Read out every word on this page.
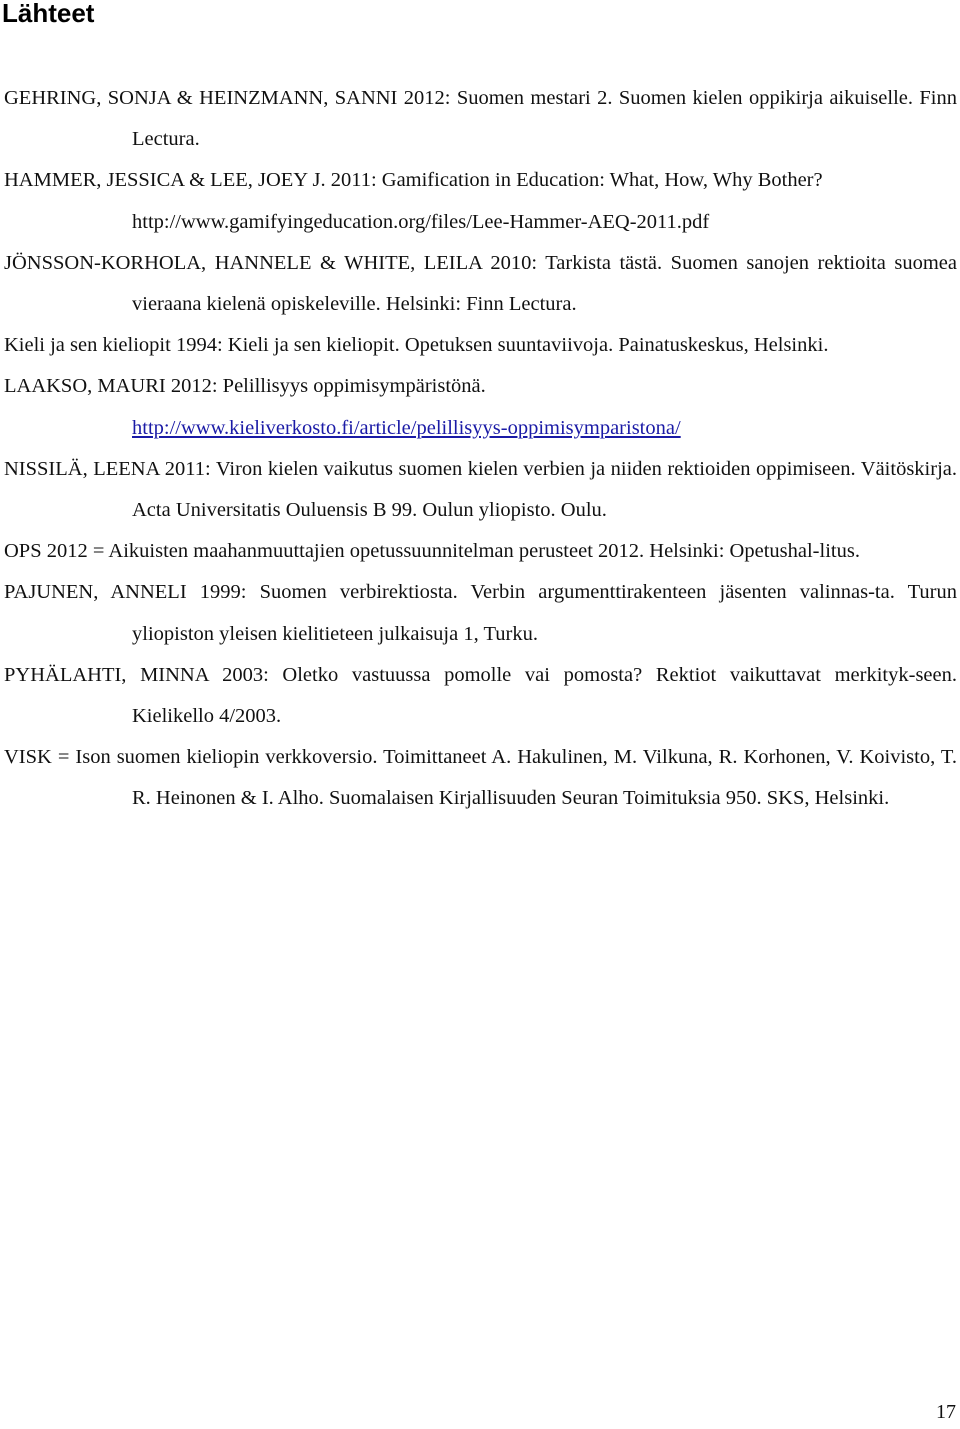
Lähteet

GEHRING, SONJA & HEINZMANN, SANNI 2012: Suomen mestari 2. Suomen kielen oppikirja aikuiselle. Finn Lectura.

HAMMER, JESSICA & LEE, JOEY J. 2011: Gamification in Education: What, How, Why Bother?
http://www.gamifyingeducation.org/files/Lee-Hammer-AEQ-2011.pdf

JÖNSSON-KORHOLA, HANNELE & WHITE, LEILA 2010: Tarkista tästä. Suomen sanojen rektioita suomea vieraana kielenä opiskeleville. Helsinki: Finn Lectura.

Kieli ja sen kieliopit 1994: Kieli ja sen kieliopit. Opetuksen suuntaviivoja. Painatuskeskus, Helsinki.

LAAKSO, MAURI 2012: Pelillisyys oppimisympäristönä.
http://www.kieliverkosto.fi/article/pelillisyys-oppimisymparistona/

NISSILÄ, LEENA 2011: Viron kielen vaikutus suomen kielen verbien ja niiden rektioiden oppimiseen. Väitöskirja. Acta Universitatis Ouluensis B 99. Oulun yliopisto. Oulu.

OPS 2012 = Aikuisten maahanmuuttajien opetussuunnitelman perusteet 2012. Helsinki: Opetushal-litus.

PAJUNEN, ANNELI 1999: Suomen verbirektiosta. Verbin argumenttirakenteen jäsenten valinnas-ta. Turun yliopiston yleisen kielitieteen julkaisuja 1, Turku.

PYHÄLAHTI, MINNA 2003: Oletko vastuussa pomolle vai pomosta? Rektiot vaikuttavat merkityk-seen. Kielikello 4/2003.

VISK = Ison suomen kieliopin verkkoversio. Toimittaneet A. Hakulinen, M. Vilkuna, R. Korhonen, V. Koivisto, T. R. Heinonen & I. Alho. Suomalaisen Kirjallisuuden Seuran Toimituksia 950. SKS, Helsinki.

17
